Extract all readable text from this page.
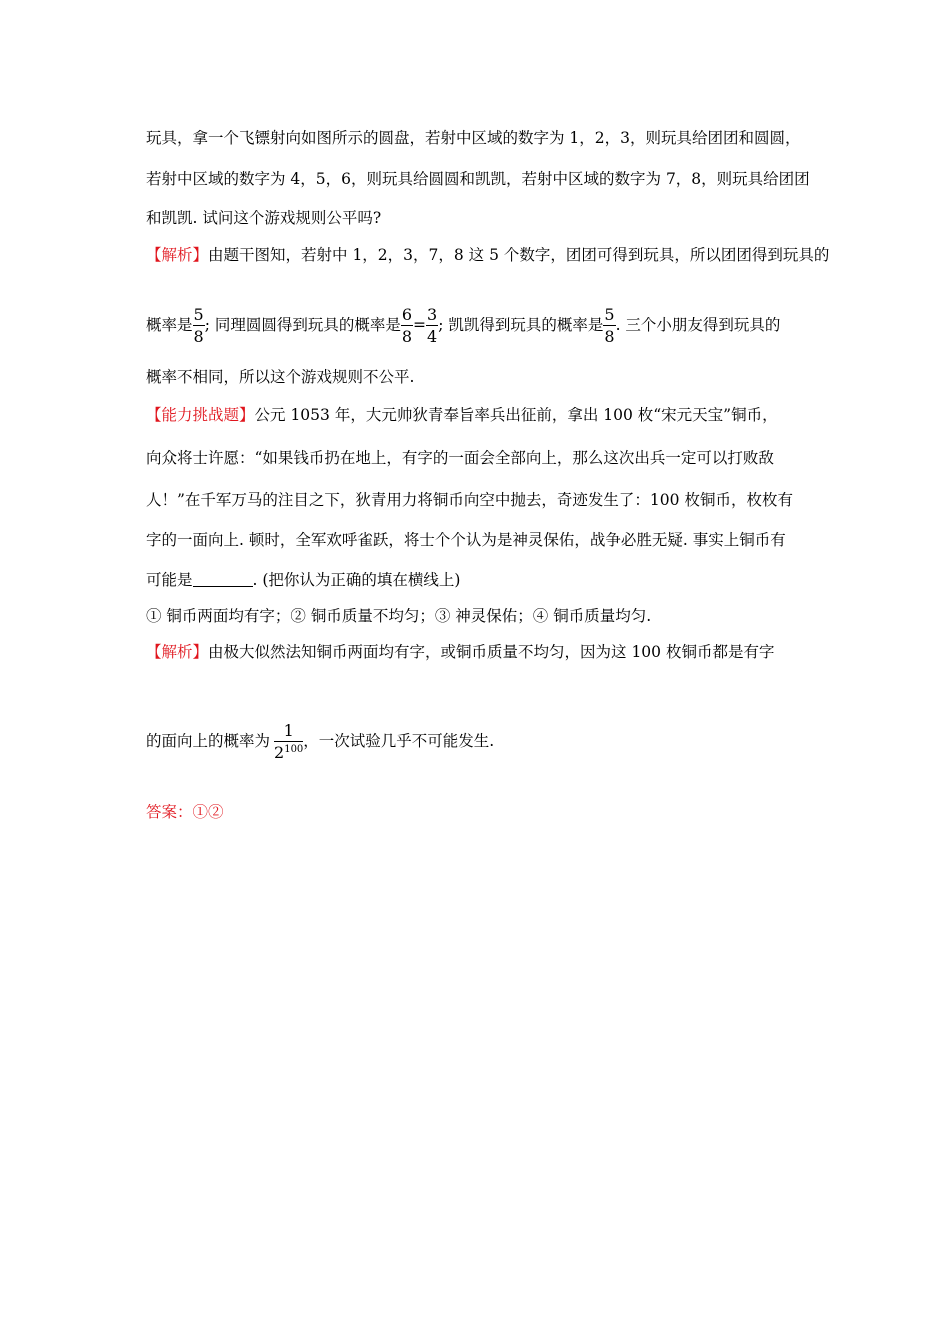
玩具，拿一个飞镖射向如图所示的圆盘，若射中区域的数字为 1，2，3，则玩具给团团和圆圆，
若射中区域的数字为 4，5，6，则玩具给圆圆和凯凯，若射中区域的数字为 7，8，则玩具给团团
和凯凯. 试问这个游戏规则公平吗?
【解析】由题干图知，若射中 1，2，3，7，8 这 5 个数字，团团可得到玩具，所以团团得到玩具的
概率是 $\frac{5}{8}$ ; 同理圆圆得到玩具的概率是 $\frac{6}{8} = \frac{3}{4}$ ; 凯凯得到玩具的概率是 $\frac{5}{8}$ . 三个小朋友得到玩具的
概率不相同，所以这个游戏规则不公平.
【能力挑战题】公元 1053 年，大元帅狄青奉旨率兵出征前，拿出 100 枚“宋元天宝”铜币，
向众将士许愿：“如果钱币扔在地上，有字的一面会全部向上，那么这次出兵一定可以打败敌
人！”在千军万马的注目之下，狄青用力将铜币向空中抛去，奇迹发生了：100 枚铜币，枚枚有
字的一面向上. 顿时，全军欢呼雀跃，将士个个认为是神灵保佑，战争必胜无疑. 事实上铜币有
可能是	. (把你认为正确的填在横线上)
① 铜币两面均有字；② 铜币质量不均匀；③ 神灵保佑；④ 铜币质量均匀.
【解析】由极大似然法知铜币两面均有字，或铜币质量不均匀，因为这 100 枚铜币都是有字
的面向上的概率为 $\frac{1}{2^{100}}$ ，一次试验几乎不可能发生.
答案：①②
